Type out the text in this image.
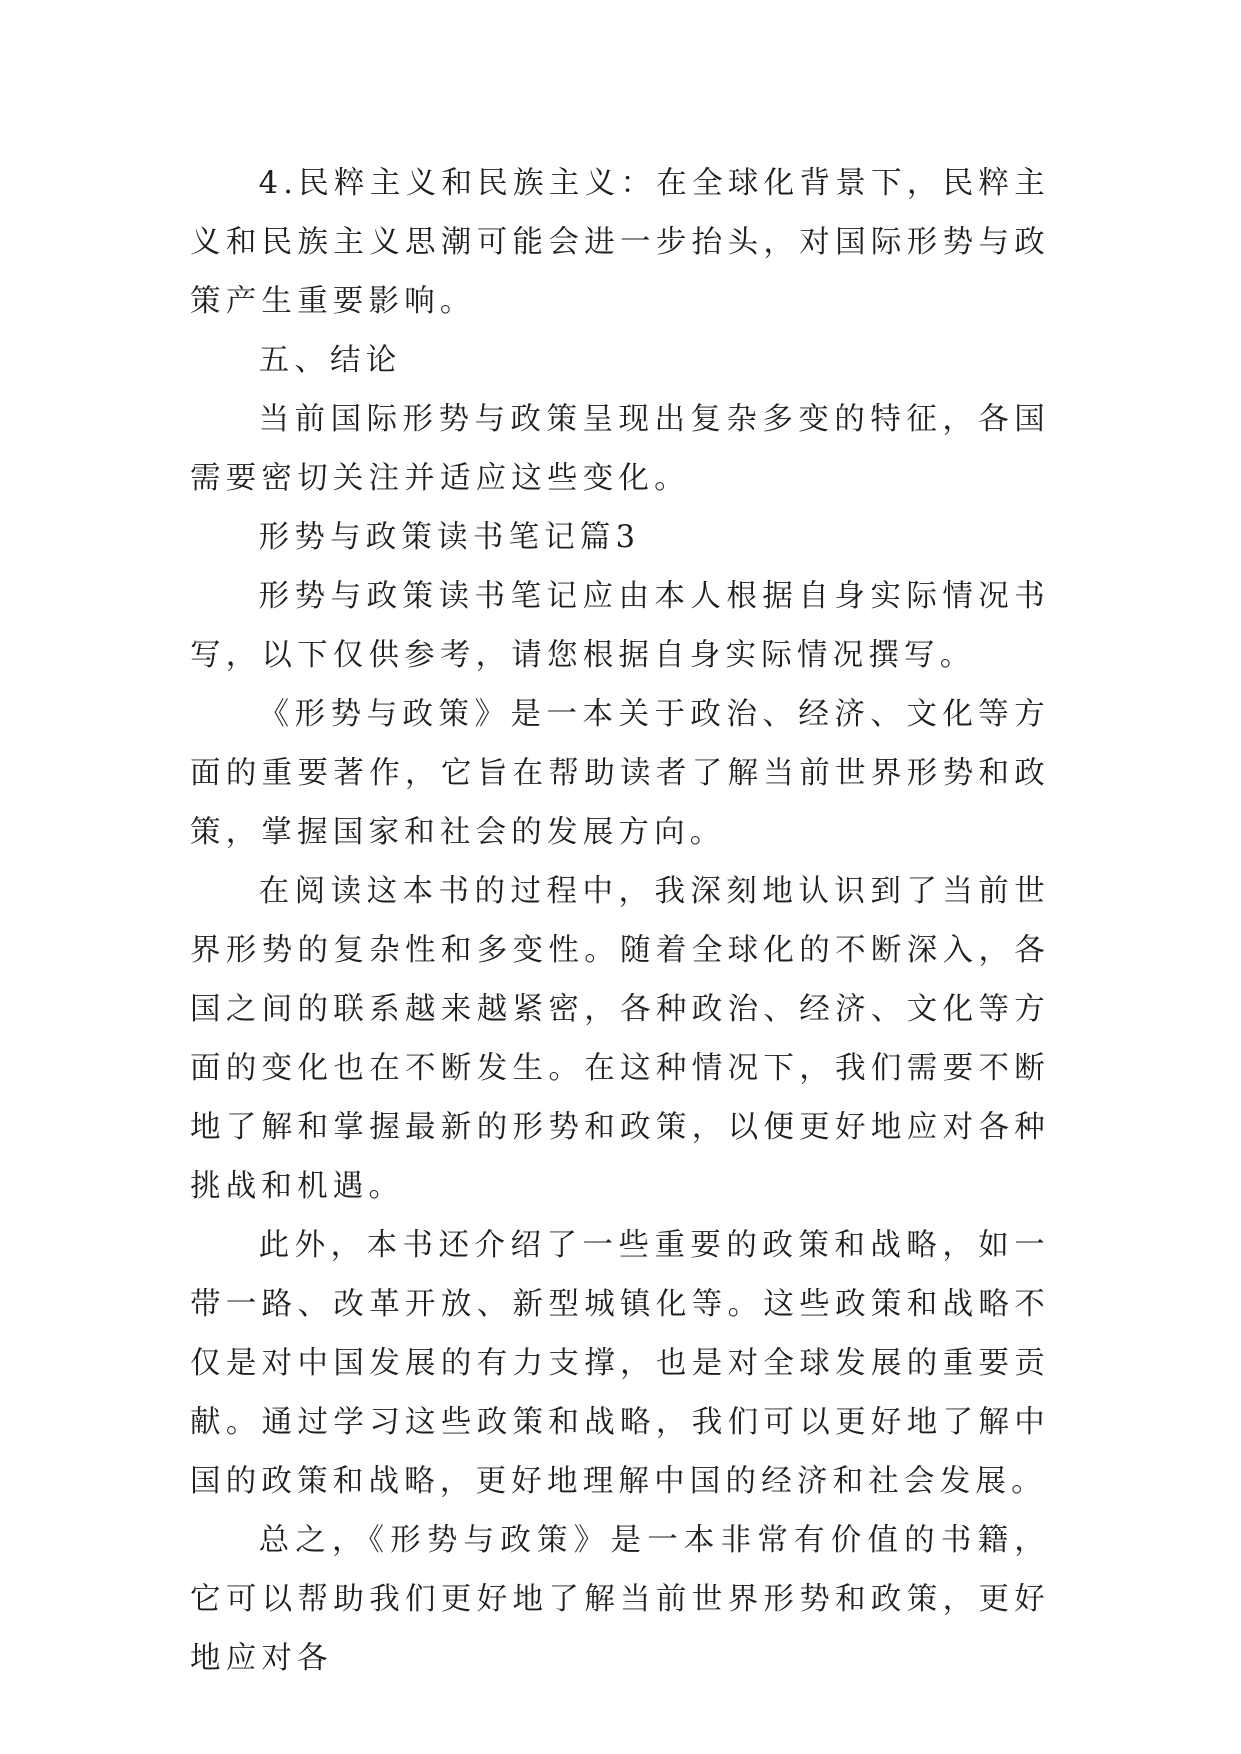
4.民粹主义和民族主义：在全球化背景下，民粹主义和民族主义思潮可能会进一步抬头，对国际形势与政策产生重要影响。

五、结论

当前国际形势与政策呈现出复杂多变的特征，各国需要密切关注并适应这些变化。

形势与政策读书笔记篇3

形势与政策读书笔记应由本人根据自身实际情况书写，以下仅供参考，请您根据自身实际情况撰写。

《形势与政策》是一本关于政治、经济、文化等方面的重要著作，它旨在帮助读者了解当前世界形势和政策，掌握国家和社会的发展方向。

在阅读这本书的过程中，我深刻地认识到了当前世界形势的复杂性和多变性。随着全球化的不断深入，各国之间的联系越来越紧密，各种政治、经济、文化等方面的变化也在不断发生。在这种情况下，我们需要不断地了解和掌握最新的形势和政策，以便更好地应对各种挑战和机遇。

此外，本书还介绍了一些重要的政策和战略，如一带一路、改革开放、新型城镇化等。这些政策和战略不仅是对中国发展的有力支撑，也是对全球发展的重要贡献。通过学习这些政策和战略，我们可以更好地了解中国的政策和战略，更好地理解中国的经济和社会发展。

总之，《形势与政策》是一本非常有价值的书籍，它可以帮助我们更好地了解当前世界形势和政策，更好地应对各
